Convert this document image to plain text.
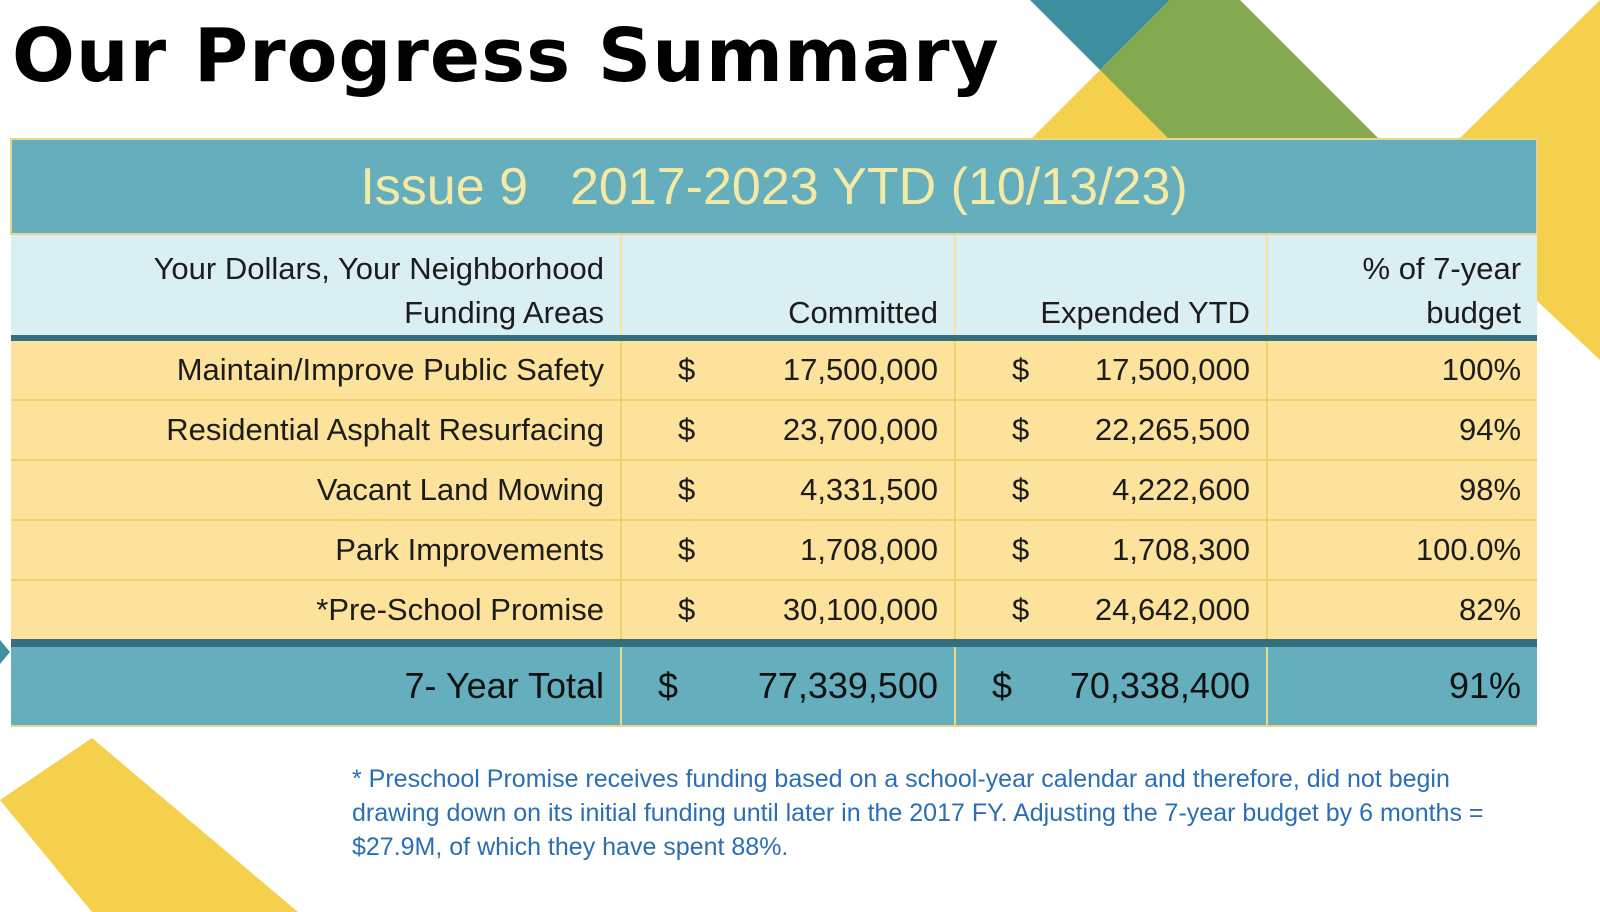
Our Progress Summary
Issue 9 2017-2023 YTD (10/13/23)			
Your Dollars, Your Neighborhood
Funding Areas	Committed	Expended YTD	% of 7-year
budget
Maintain/Improve Public Safety	$ 17,500,000	$ 17,500,000	100%
Residential Asphalt Resurfacing	$ 23,700,000	$ 22,265,500	94%
Vacant Land Mowing	$ 4,331,500	$ 4,222,600	98%
Park Improvements	$ 1,708,000	$ 1,708,300	100.0%
*Pre-School Promise	$ 30,100,000	$ 24,642,000	82%
7- Year Total	$ 77,339,500	$ 70,338,400	91%

* Preschool Promise receives funding based on a school-year calendar and therefore, did not begin drawing down on its initial funding until later in the 2017 FY. Adjusting the 7-year budget by 6 months = $27.9M, of which they have spent 88%.
